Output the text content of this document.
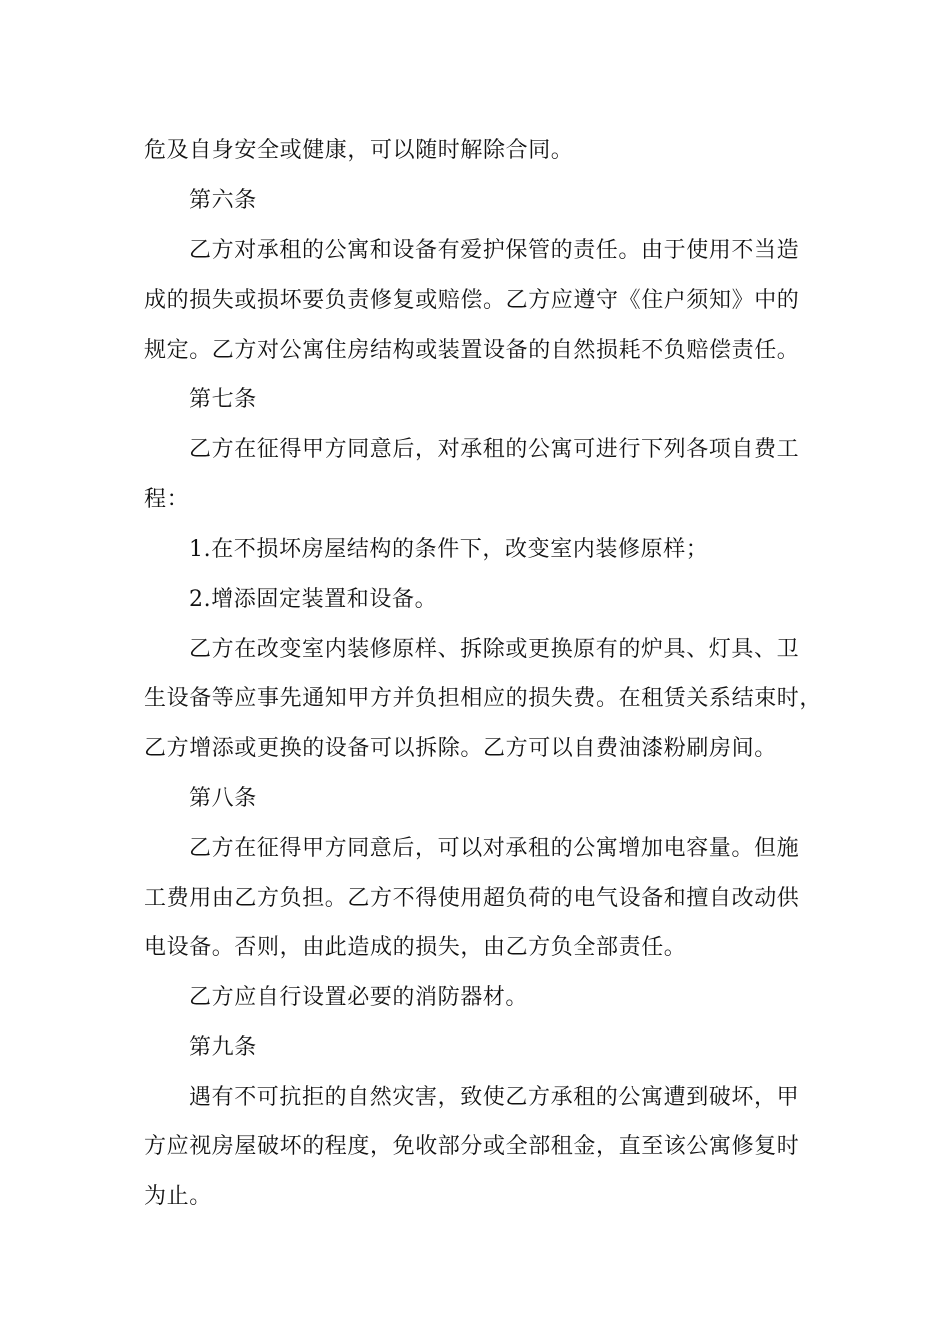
危及自身安全或健康，可以随时解除合同。
第六条
乙方对承租的公寓和设备有爱护保管的责任。由于使用不当造
成的损失或损坏要负责修复或赔偿。乙方应遵守《住户须知》中的
规定。乙方对公寓住房结构或装置设备的自然损耗不负赔偿责任。
第七条
乙方在征得甲方同意后，对承租的公寓可进行下列各项自费工
程：
1.在不损坏房屋结构的条件下，改变室内装修原样；
2.增添固定装置和设备。
乙方在改变室内装修原样、拆除或更换原有的炉具、灯具、卫
生设备等应事先通知甲方并负担相应的损失费。在租赁关系结束时，
乙方增添或更换的设备可以拆除。乙方可以自费油漆粉刷房间。
第八条
乙方在征得甲方同意后，可以对承租的公寓增加电容量。但施
工费用由乙方负担。乙方不得使用超负荷的电气设备和擅自改动供
电设备。否则，由此造成的损失，由乙方负全部责任。
乙方应自行设置必要的消防器材。
第九条
遇有不可抗拒的自然灾害，致使乙方承租的公寓遭到破坏，甲
方应视房屋破坏的程度，免收部分或全部租金，直至该公寓修复时
为止。
